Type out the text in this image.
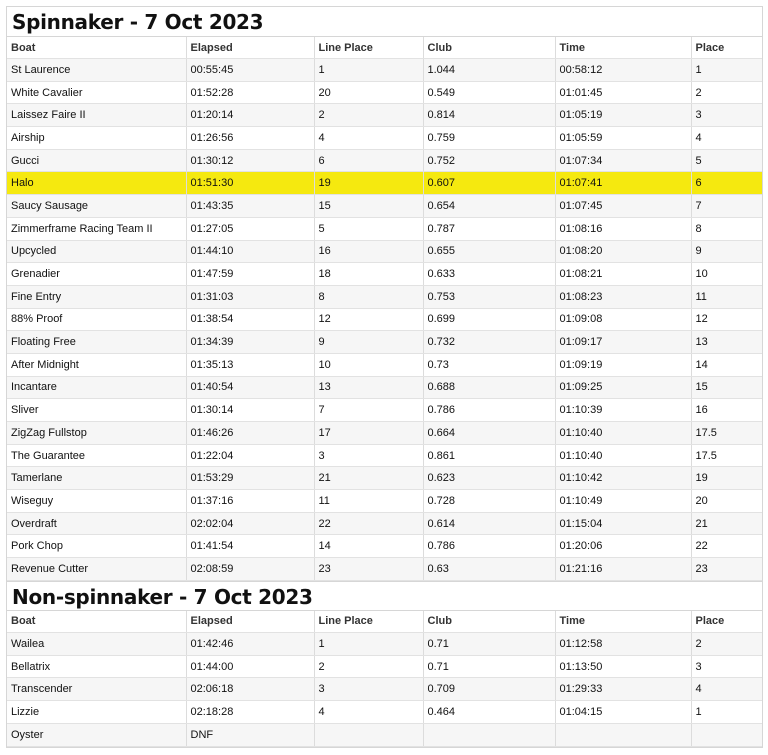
Spinnaker - 7 Oct 2023
Boat	Elapsed	Line Place	Club	Time	Place
St Laurence	00:55:45	1	1.044	00:58:12	1
White Cavalier	01:52:28	20	0.549	01:01:45	2
Laissez Faire II	01:20:14	2	0.814	01:05:19	3
Airship	01:26:56	4	0.759	01:05:59	4
Gucci	01:30:12	6	0.752	01:07:34	5
Halo	01:51:30	19	0.607	01:07:41	6
Saucy Sausage	01:43:35	15	0.654	01:07:45	7
Zimmerframe Racing Team II	01:27:05	5	0.787	01:08:16	8
Upcycled	01:44:10	16	0.655	01:08:20	9
Grenadier	01:47:59	18	0.633	01:08:21	10
Fine Entry	01:31:03	8	0.753	01:08:23	11
88% Proof	01:38:54	12	0.699	01:09:08	12
Floating Free	01:34:39	9	0.732	01:09:17	13
After Midnight	01:35:13	10	0.73	01:09:19	14
Incantare	01:40:54	13	0.688	01:09:25	15
Sliver	01:30:14	7	0.786	01:10:39	16
ZigZag Fullstop	01:46:26	17	0.664	01:10:40	17.5
The Guarantee	01:22:04	3	0.861	01:10:40	17.5
Tamerlane	01:53:29	21	0.623	01:10:42	19
Wiseguy	01:37:16	11	0.728	01:10:49	20
Overdraft	02:02:04	22	0.614	01:15:04	21
Pork Chop	01:41:54	14	0.786	01:20:06	22
Revenue Cutter	02:08:59	23	0.63	01:21:16	23
Non-spinnaker - 7 Oct 2023
Boat	Elapsed	Line Place	Club	Time	Place
Wailea	01:42:46	1	0.71	01:12:58	2
Bellatrix	01:44:00	2	0.71	01:13:50	3
Transcender	02:06:18	3	0.709	01:29:33	4
Lizzie	02:18:28	4	0.464	01:04:15	1
Oyster	DNF				
